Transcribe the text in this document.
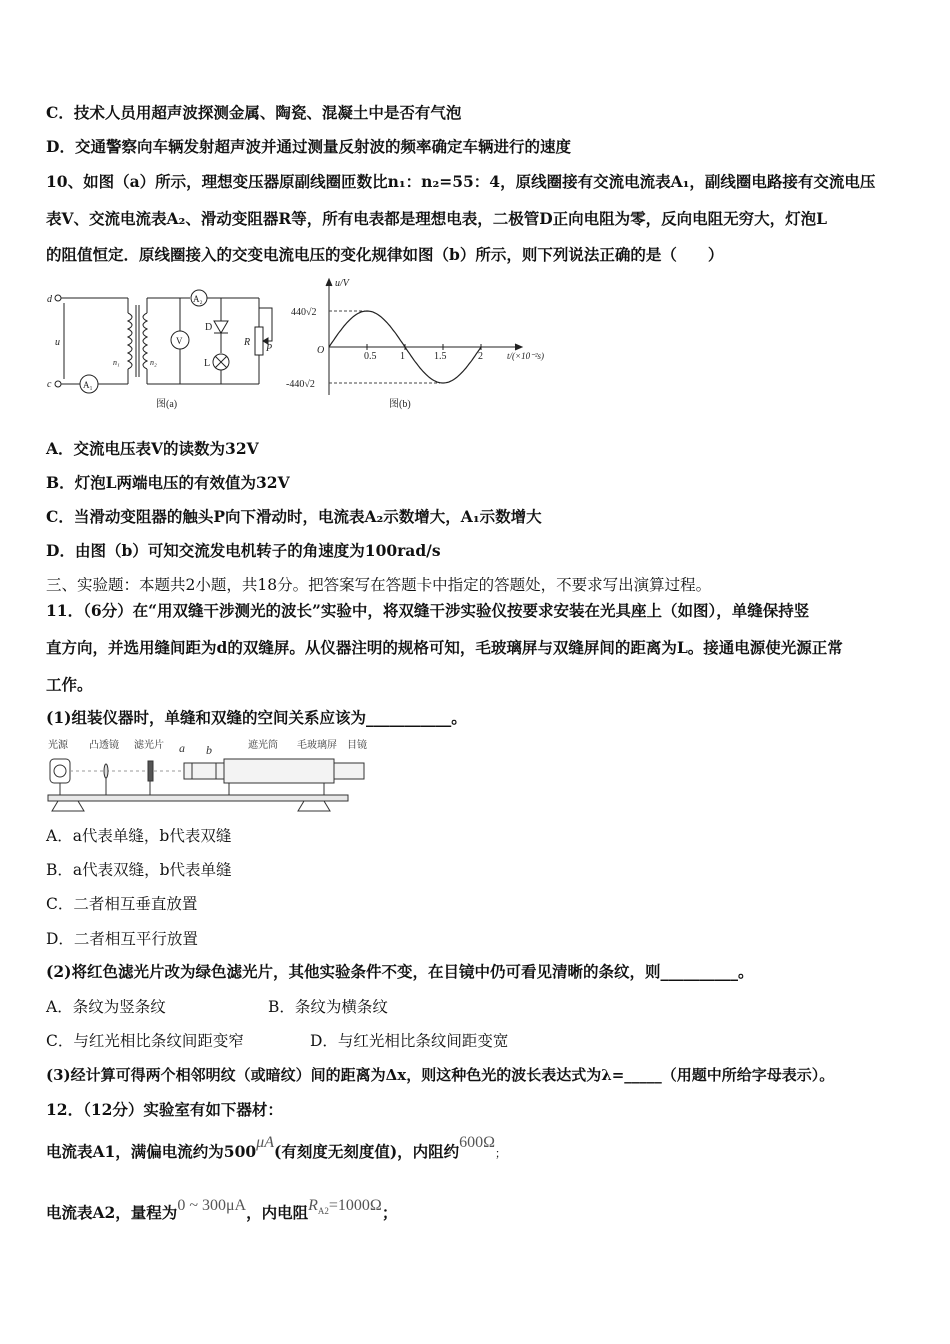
C．技术人员用超声波探测金属、陶瓷、混凝土中是否有气泡
D．交通警察向车辆发射超声波并通过测量反射波的频率确定车辆进行的速度
10、如图（a）所示，理想变压器原副线圈匝数比n₁：n₂=55：4，原线圈接有交流电流表A₁，副线圈电路接有交流电压
表V、交流电流表A₂、滑动变阻器R等，所有电表都是理想电表，二极管D正向电阻为零，反向电阻无穷大，灯泡L
的阻值恒定．原线圈接入的交变电流电压的变化规律如图（b）所示，则下列说法正确的是（　　）
d
c
u
n₁	n₂
A₁
A₂
V
D
L
R
P
图(a)
u/V
t/(×10⁻²s)
O
440√2
-440√2
0.5 1	1.5	2
图(b)
A．交流电压表V的读数为32V
B．灯泡L两端电压的有效值为32V
C．当滑动变阻器的触头P向下滑动时，电流表A₂示数增大，A₁示数增大
D．由图（b）可知交流发电机转子的角速度为100rad/s
三、实验题：本题共2小题，共18分。把答案写在答题卡中指定的答题处，不要求写出演算过程。
11．（6分）在“用双缝干涉测光的波长”实验中，将双缝干涉实验仪按要求安装在光具座上（如图），单缝保持竖
直方向，并选用缝间距为d的双缝屏。从仪器注明的规格可知，毛玻璃屏与双缝屏间的距离为L。接通电源使光源正常
工作。
(1)组装仪器时，单缝和双缝的空间关系应该为___________。
光源 凸透镜 滤光片 a b	遮光筒 毛玻璃屏 目镜
A．a代表单缝，b代表双缝
B．a代表双缝，b代表单缝
C．二者相互垂直放置
D．二者相互平行放置
(2)将红色滤光片改为绿色滤光片，其他实验条件不变，在目镜中仍可看见清晰的条纹，则__________。
A．条纹为竖条纹	B．条纹为横条纹
C．与红光相比条纹间距变窄	D．与红光相比条纹间距变宽
(3)经计算可得两个相邻明纹（或暗纹）间的距离为Δx，则这种色光的波长表达式为λ=_____（用题中所给字母表示）。
12．（12分）实验室有如下器材：
电流表A1，满偏电流约为500μA(有刻度无刻度值)，内阻约600Ω；
电流表A2，量程为0 ~ 300μA，内电阻$R_{A2}=1000\Omega$；
